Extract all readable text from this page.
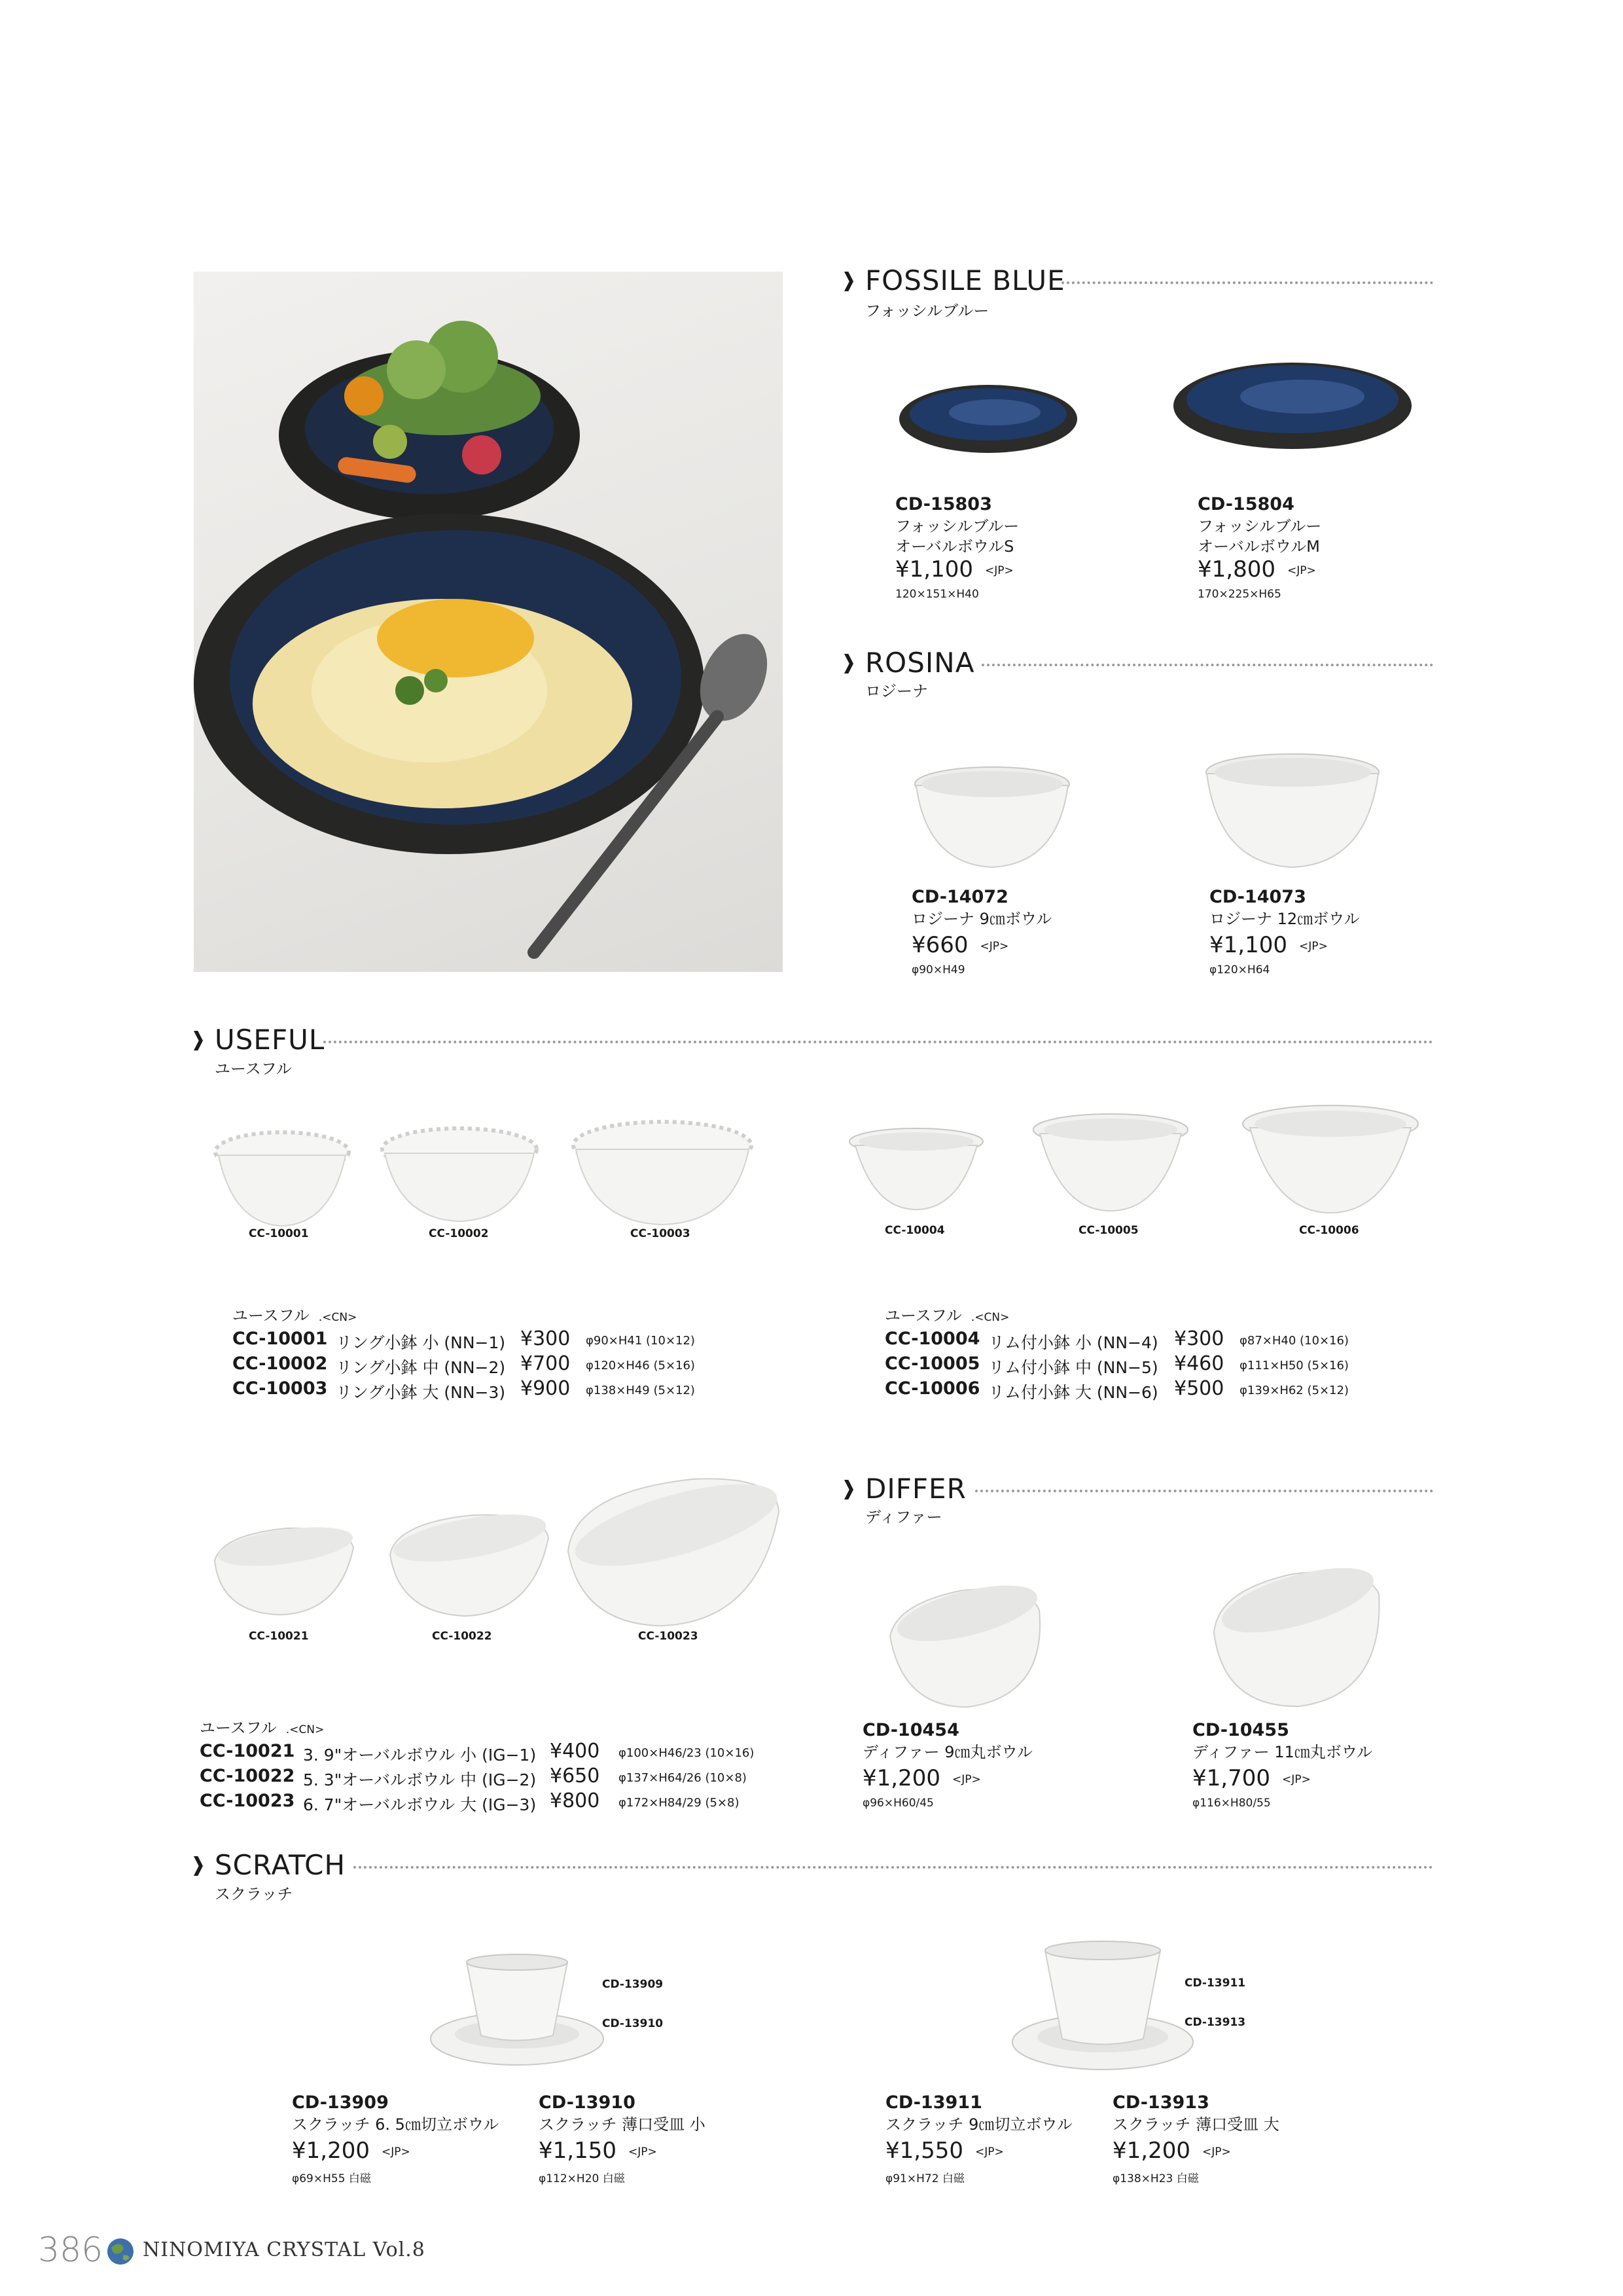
FOSSILE BLUE
フォッシルブルー
CD-15803
フォッシルブルー
オーバルボウルS
¥1,100 <JP>
120×151×H40
CD-15804
フォッシルブルー
オーバルボウルM
¥1,800 <JP>
170×225×H65
ROSINA
ロジーナ
CD-14072
ロジーナ 9㎝ボウル
¥660 <JP>
φ90×H49
CD-14073
ロジーナ 12㎝ボウル
¥1,100 <JP>
φ120×H64
USEFUL
ユースフル
CC-10001	CC-10002	CC-10003	CC-10004	CC-10005	CC-10006
ユースフル .<CN>
CC-10001 リング小鉢 小 (NN−1) ¥300 φ90×H41 (10×12)
CC-10002 リング小鉢 中 (NN−2) ¥700 φ120×H46 (5×16)
CC-10003 リング小鉢 大 (NN−3) ¥900 φ138×H49 (5×12)
ユースフル .<CN>
CC-10004 リム付小鉢 小 (NN−4) ¥300 φ87×H40 (10×16)
CC-10005 リム付小鉢 中 (NN−5) ¥460 φ111×H50 (5×16)
CC-10006 リム付小鉢 大 (NN−6) ¥500 φ139×H62 (5×12)
CC-10021	CC-10022	CC-10023
ユースフル .<CN>
CC-10021 3. 9"オーバルボウル 小 (IG−1) ¥400 φ100×H46/23 (10×16)
CC-10022 5. 3"オーバルボウル 中 (IG−2) ¥650 φ137×H64/26 (10×8)
CC-10023 6. 7"オーバルボウル 大 (IG−3) ¥800 φ172×H84/29 (5×8)
DIFFER
ディファー
CD-10454
ディファー 9㎝丸ボウル
¥1,200 <JP>
φ96×H60/45
CD-10455
ディファー 11㎝丸ボウル
¥1,700 <JP>
φ116×H80/55
SCRATCH
スクラッチ
CD-13909
CD-13910
CD-13911
CD-13913
CD-13909
スクラッチ 6. 5㎝切立ボウル
¥1,200 <JP>
φ69×H55 白磁
CD-13910
スクラッチ 薄口受皿 小
¥1,150 <JP>
φ112×H20 白磁
CD-13911
スクラッチ 9㎝切立ボウル
¥1,550 <JP>
φ91×H72 白磁
CD-13913
スクラッチ 薄口受皿 大
¥1,200 <JP>
φ138×H23 白磁
386 NINOMIYA CRYSTAL Vol.8
